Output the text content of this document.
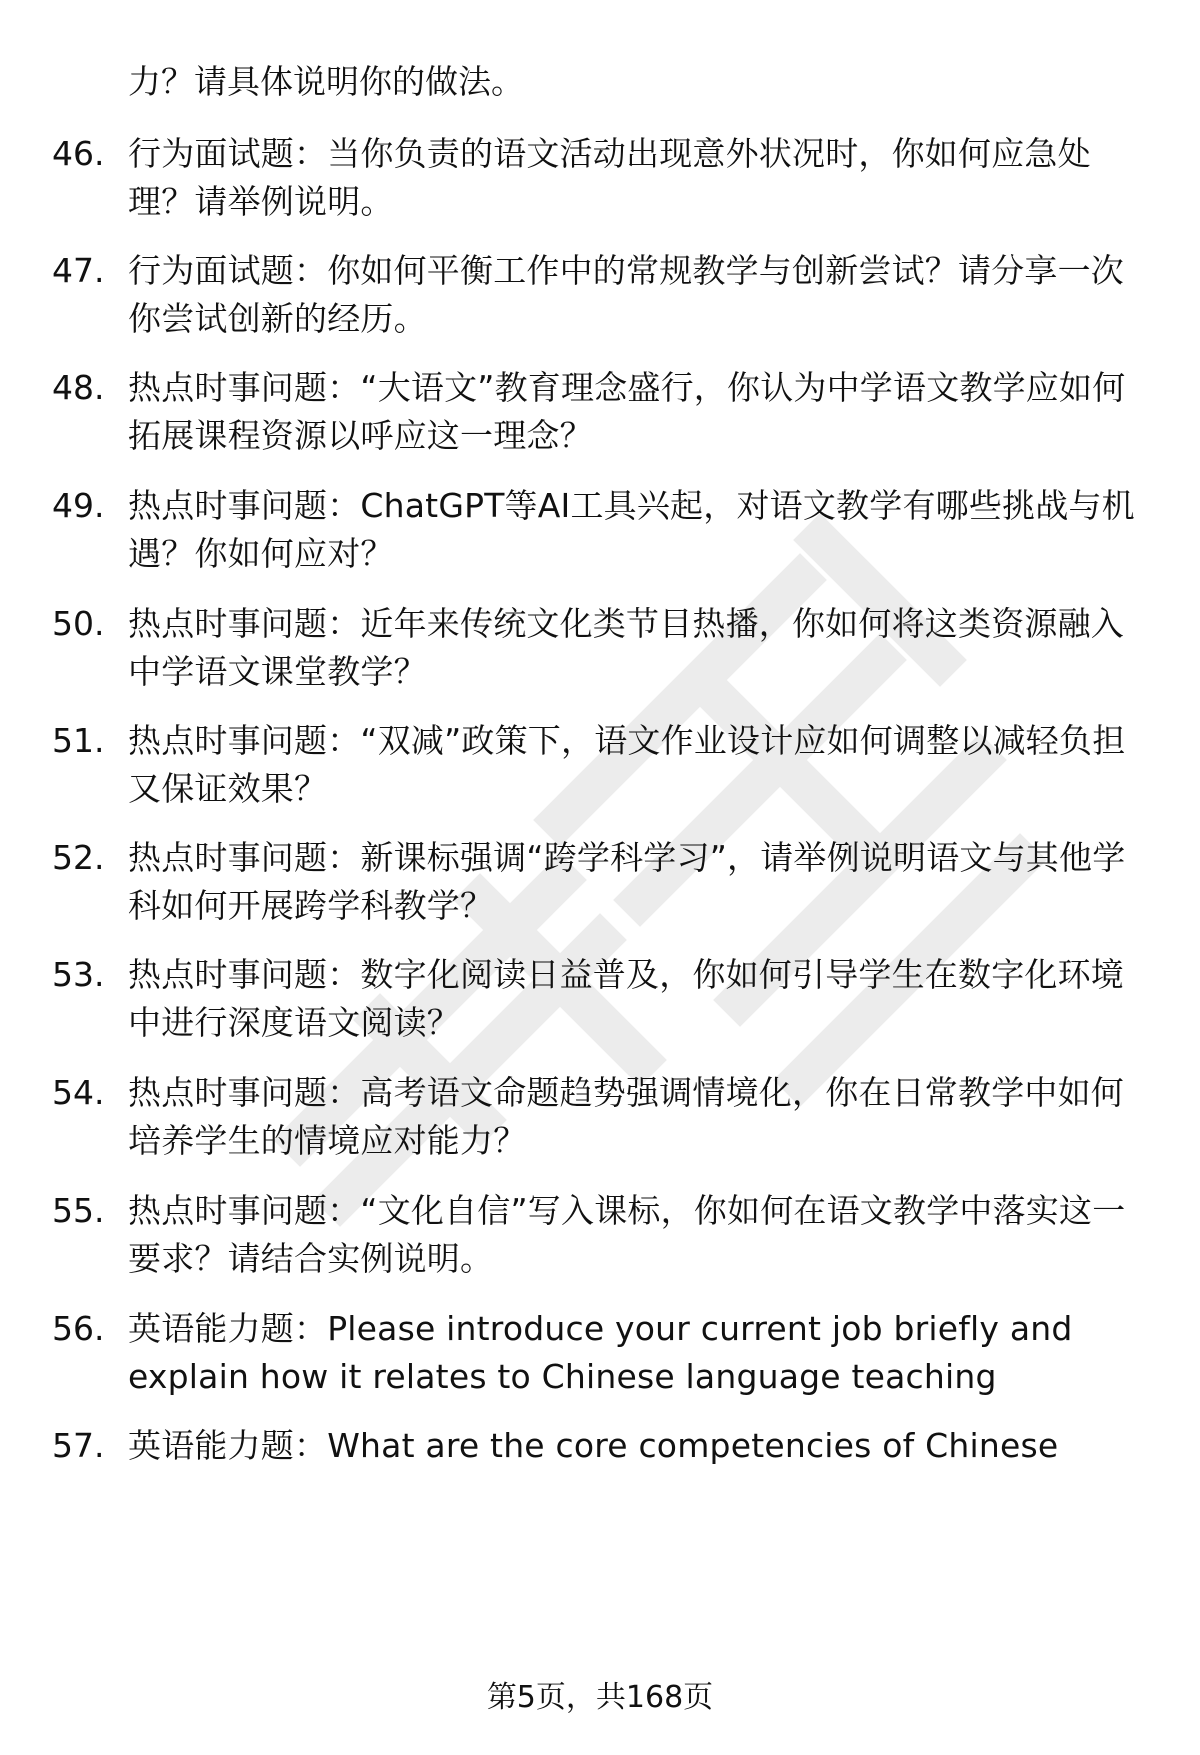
力？请具体说明你的做法。
46. 行为面试题：当你负责的语文活动出现意外状况时，你如何应急处理？请举例说明。
47. 行为面试题：你如何平衡工作中的常规教学与创新尝试？请分享一次你尝试创新的经历。
48. 热点时事问题：“大语文”教育理念盛行，你认为中学语文教学应如何拓展课程资源以呼应这一理念？
49. 热点时事问题：ChatGPT等AI工具兴起，对语文教学有哪些挑战与机遇？你如何应对？
50. 热点时事问题：近年来传统文化类节目热播，你如何将这类资源融入中学语文课堂教学？
51. 热点时事问题：“双减”政策下，语文作业设计应如何调整以减轻负担又保证效果？
52. 热点时事问题：新课标强调“跨学科学习”，请举例说明语文与其他学科如何开展跨学科教学？
53. 热点时事问题：数字化阅读日益普及，你如何引导学生在数字化环境中进行深度语文阅读？
54. 热点时事问题：高考语文命题趋势强调情境化，你在日常教学中如何培养学生的情境应对能力？
55. 热点时事问题：“文化自信”写入课标，你如何在语文教学中落实这一要求？请结合实例说明。
56. 英语能力题：Please introduce your current job briefly and explain how it relates to Chinese language teaching
57. 英语能力题：What are the core competencies of Chinese
第5页，共168页
